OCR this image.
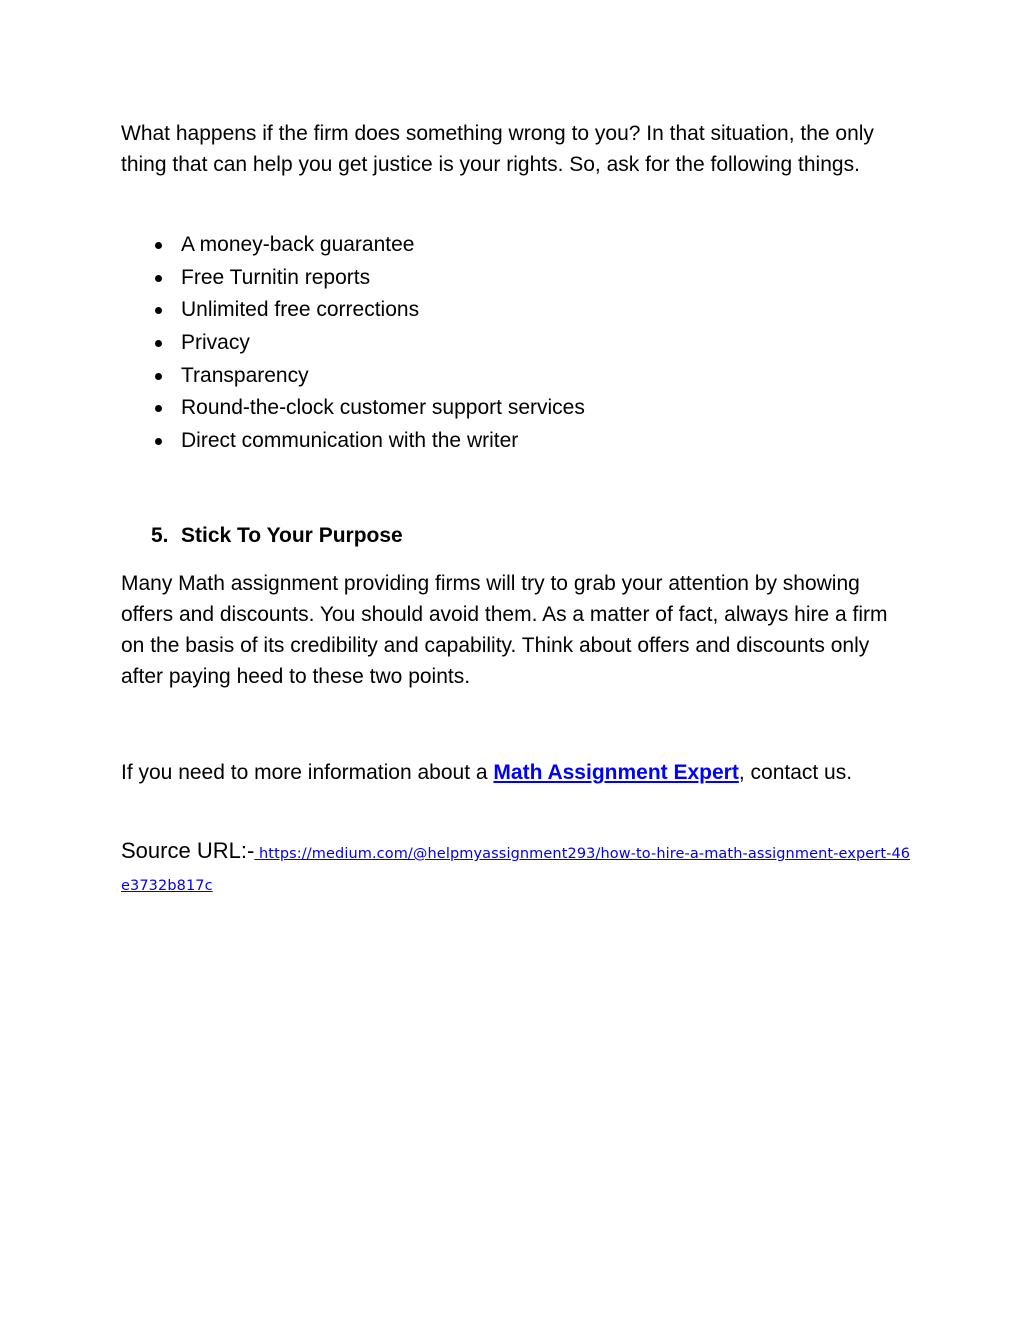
What happens if the firm does something wrong to you? In that situation, the only thing that can help you get justice is your rights. So, ask for the following things.

A money-back guarantee
Free Turnitin reports
Unlimited free corrections
Privacy
Transparency
Round-the-clock customer support services
Direct communication with the writer
5. Stick To Your Purpose

Many Math assignment providing firms will try to grab your attention by showing offers and discounts. You should avoid them. As a matter of fact, always hire a firm on the basis of its credibility and capability. Think about offers and discounts only after paying heed to these two points.

If you need to more information about a Math Assignment Expert, contact us.

Source URL:- https://medium.com/@helpmyassignment293/how-to-hire-a-math-assignment-expert-46e3732b817c
